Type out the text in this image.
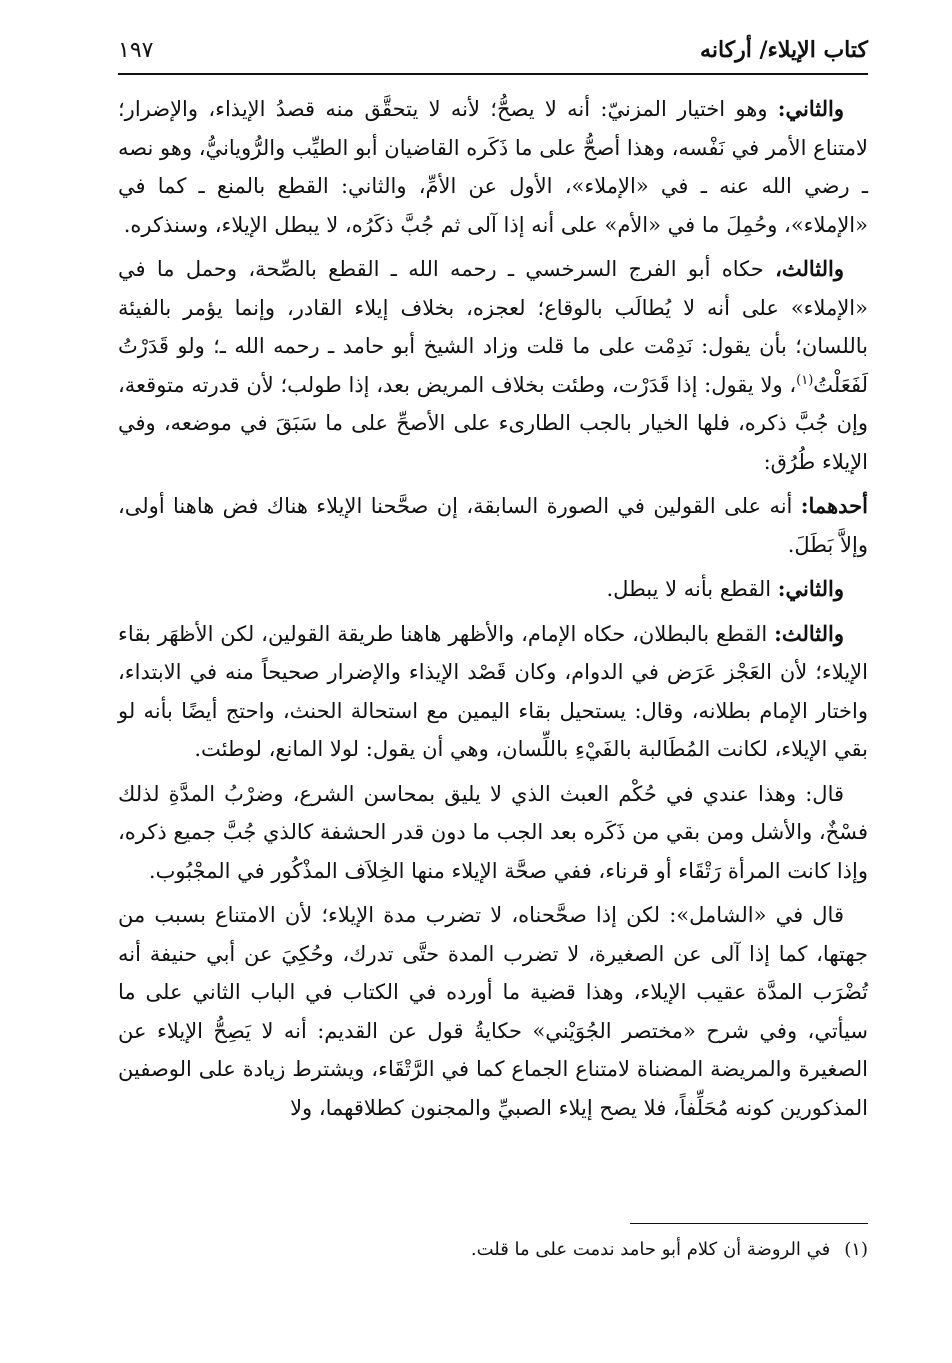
١٩٧	كتاب الإيلاء/ أركانه

والثاني: وهو اختيار المزنيّ: أنه لا يصحُّ؛ لأنه لا يتحقَّق منه قصدُ الإيذاء، والإضرار؛ لامتناع الأمر في نَفْسه، وهذا أصحُّ على ما ذَكَره القاضيان أبو الطيِّب والرُّويانيُّ، وهو نصه ـ رضي الله عنه ـ في «الإملاء»، الأول عن الأمِّ، والثاني: القطع بالمنع ـ كما في «الإملاء»، وحُمِلَ ما في «الأم» على أنه إذا آلى ثم جُبَّ ذكَرُه، لا يبطل الإيلاء، وسنذكره.

والثالث، حكاه أبو الفرج السرخسي ـ رحمه الله ـ القطع بالصِّحة، وحمل ما في «الإملاء» على أنه لا يُطالَب بالوقاع؛ لعجزه، بخلاف إيلاء القادر، وإنما يؤمر بالفيئة باللسان؛ بأن يقول: نَدِمْت على ما قلت وزاد الشيخ أبو حامد ـ رحمه الله ـ؛ ولو قَدَرْتُ لَفَعَلْتُ$^{(١)}$، ولا يقول: إذا قَدَرْت، وطئت بخلاف المريض بعد، إذا طولب؛ لأن قدرته متوقعة، وإن جُبَّ ذكره، فلها الخيار بالجب الطارىء على الأصحِّ على ما سَبَقَ في موضعه، وفي الإيلاء طُرُق:

أحدهما: أنه على القولين في الصورة السابقة، إن صحَّحنا الإيلاء هناك فض هاهنا أولى، وإلاَّ بَطَلَ.

والثاني: القطع بأنه لا يبطل.

والثالث: القطع بالبطلان، حكاه الإمام، والأظهر هاهنا طريقة القولين، لكن الأظهَر بقاء الإيلاء؛ لأن العَجْز عَرَض في الدوام، وكان قَصْد الإيذاء والإضرار صحيحاً منه في الابتداء، واختار الإمام بطلانه، وقال: يستحيل بقاء اليمين مع استحالة الحنث، واحتج أيضًا بأنه لو بقي الإيلاء، لكانت المُطَالبة بالفَيْءِ باللِّسان، وهي أن يقول: لولا المانع، لوطئت.

قال: وهذا عندي في حُكْم العبث الذي لا يليق بمحاسن الشرع، وضرْبُ المدَّةِ لذلك فسْخٌ، والأشل ومن بقي من ذَكَره بعد الجب ما دون قدر الحشفة كالذي جُبَّ جميع ذكره، وإذا كانت المرأة رَتْقَاء أو قرناء، ففي صحَّة الإيلاء منها الخِلاَف المذْكُور في المجْبُوب.

قال في «الشامل»: لكن إذا صحَّحناه، لا تضرب مدة الإيلاء؛ لأن الامتناع بسبب من جهتها، كما إذا آلى عن الصغيرة، لا تضرب المدة حتَّى تدرك، وحُكِيَ عن أبي حنيفة أنه تُضْرَب المدَّة عقيب الإيلاء، وهذا قضية ما أورده في الكتاب في الباب الثاني على ما سيأتي، وفي شرح «مختصر الجُوَيْني» حكايةُ قول عن القديم: أنه لا يَصِحُّ الإيلاء عن الصغيرة والمريضة المضناة لامتناع الجماع كما في الرَّتْقَاء، ويشترط زيادة على الوصفين المذكورين كونه مُحَلِّفاً، فلا يصح إيلاء الصبيِّ والمجنون كطلاقهما، ولا

(١)في الروضة أن كلام أبو حامد ندمت على ما قلت.
